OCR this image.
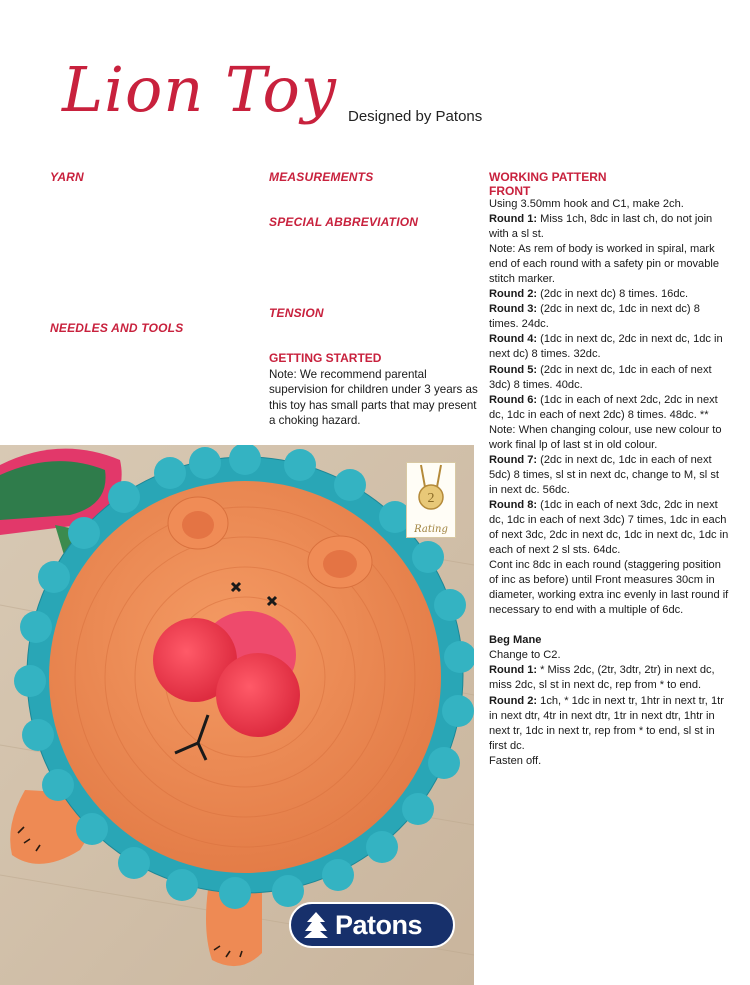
Lion Toy Designed by Patons
YARN	MEASUREMENTS
SPECIAL ABBREVIATION
TENSION
NEEDLES AND TOOLS
GETTING STARTED
Note: We recommend parental supervision for children under 3 years as this toy has small parts that may present a choking hazard.
WORKING PATTERN
FRONT

Using 3.50mm hook and C1, make 2ch.

Round 1: Miss 1ch, 8dc in last ch, do not join with a sl st.

Note: As rem of body is worked in spiral, mark end of each round with a safety pin or movable stitch marker.

Round 2: (2dc in next dc) 8 times. 16dc.

Round 3: (2dc in next dc, 1dc in next dc) 8 times. 24dc.

Round 4: (1dc in next dc, 2dc in next dc, 1dc in next dc) 8 times. 32dc.

Round 5: (2dc in next dc, 1dc in each of next 3dc) 8 times. 40dc.

Round 6: (1dc in each of next 2dc, 2dc in next dc, 1dc in each of next 2dc) 8 times. 48dc. **

Note: When changing colour, use new colour to work final lp of last st in old colour.

Round 7: (2dc in next dc, 1dc in each of next 5dc) 8 times, sl st in next dc, change to M, sl st in next dc. 56dc.

Round 8: (1dc in each of next 3dc, 2dc in next dc, 1dc in each of next 3dc) 7 times, 1dc in each of next 3dc, 2dc in next dc, 1dc in next dc, 1dc in each of next 2 sl sts. 64dc.

Cont inc 8dc in each round (staggering position of inc as before) until Front measures 30cm in diameter, working extra inc evenly in last round if necessary to end with a multiple of 6dc.

Beg Mane

Change to C2.

Round 1: * Miss 2dc, (2tr, 3dtr, 2tr) in next dc, miss 2dc, sl st in next dc, rep from * to end.

Round 2: 1ch, * 1dc in next tr, 1htr in next tr, 1tr in next dtr, 4tr in next dtr, 1tr in next dtr, 1htr in next tr, 1dc in next tr, rep from * to end, sl st in first dc.

Fasten off.

2
Rating
Patons
